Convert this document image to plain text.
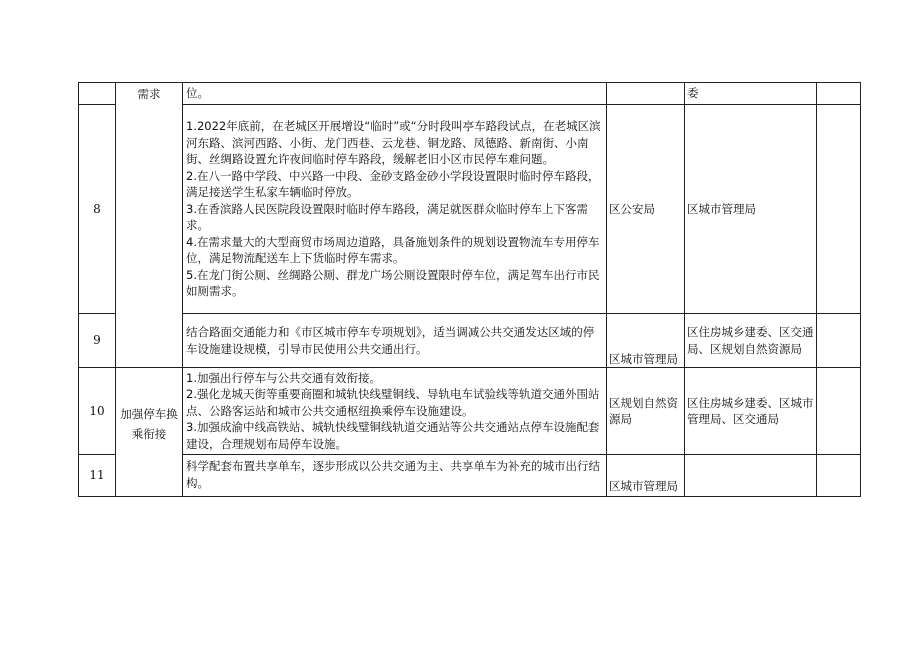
	需求	位。		委	
8		1.2022年底前，在老城区开展增设“临时”或“分时段叫亭车路段试点，在老城区滨河东路、滨河西路、小街、龙门西巷、云龙巷、铜龙路、凤德路、新南街、小南街、丝绸路设置允许夜间临时停车路段，缓解老旧小区市民停车难问题。
2.在八一路中学段、中兴路一中段、金砂支路金砂小学段设置限时临时停车路段，满足接送学生私家车辆临时停放。
3.在香滨路人民医院段设置限时临时停车路段，满足就医群众临时停车上下客需求。
4.在需求量大的大型商贸市场周边道路，具备施划条件的规划设置物流车专用停车位，满足物流配送车上下货临时停车需求。
5.在龙门街公厕、丝绸路公厕、群龙广场公厕设置限时停车位，满足驾车出行市民如厕需求。	区公安局	区城市管理局	
9		结合路面交通能力和《市区城市停车专项规划》，适当调减公共交通发达区域的停车设施建设规模，引导市民使用公共交通出行。	区城市管理局	区住房城乡建委、区交通局、区规划自然资源局	
10	加强停车换乘衔接	1.加强出行停车与公共交通有效衔接。
2.强化龙城天街等重要商圈和城轨快线璧铜线、导轨电车试验线等轨道交通外围站点、公路客运站和城市公共交通枢纽换乘停车设施建设。
3.加强成渝中线高铁站、城轨快线璧铜线轨道交通站等公共交通站点停车设施配套建设，合理规划布局停车设施。	区规划自然资源局	区住房城乡建委、区城市管理局、区交通局	
11		科学配套布置共享单车，逐步形成以公共交通为主、共享单车为补充的城市出行结构。	区城市管理局		
